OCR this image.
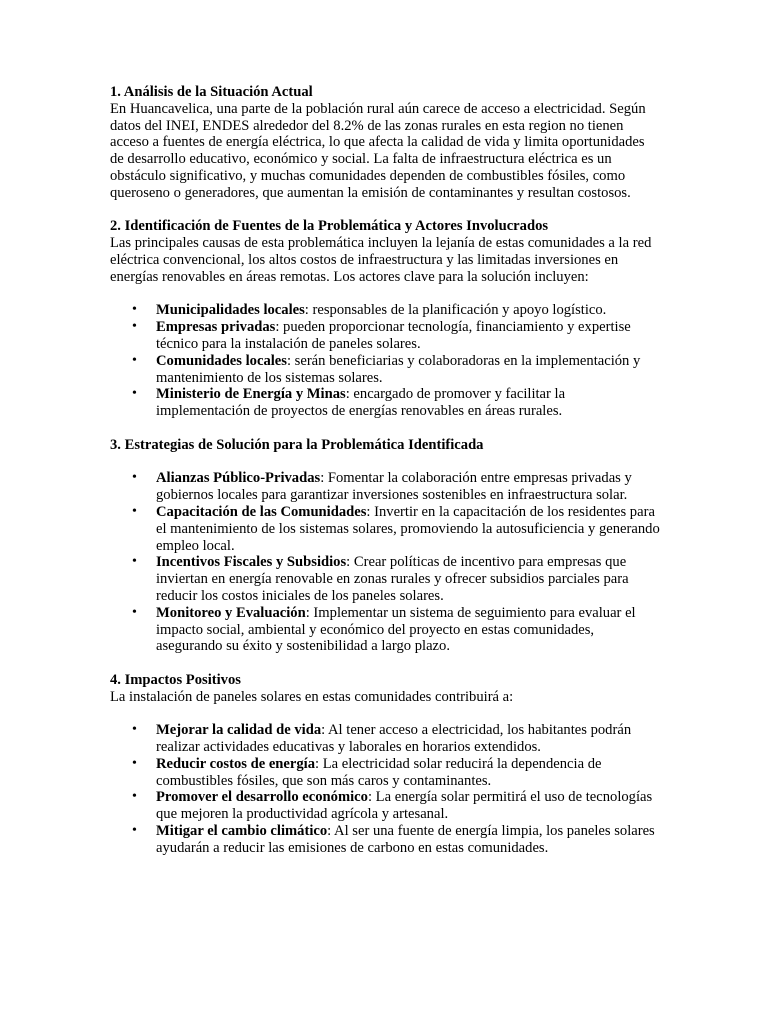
1. Análisis de la Situación Actual

En Huancavelica, una parte de la población rural aún carece de acceso a electricidad. Según datos del INEI, ENDES alrededor del 8.2% de las zonas rurales en esta region no tienen acceso a fuentes de energía eléctrica, lo que afecta la calidad de vida y limita oportunidades de desarrollo educativo, económico y social. La falta de infraestructura eléctrica es un obstáculo significativo, y muchas comunidades dependen de combustibles fósiles, como queroseno o generadores, que aumentan la emisión de contaminantes y resultan costosos.

2. Identificación de Fuentes de la Problemática y Actores Involucrados

Las principales causas de esta problemática incluyen la lejanía de estas comunidades a la red eléctrica convencional, los altos costos de infraestructura y las limitadas inversiones en energías renovables en áreas remotas. Los actores clave para la solución incluyen:

• Municipalidades locales: responsables de la planificación y apoyo logístico.
• Empresas privadas: pueden proporcionar tecnología, financiamiento y expertise técnico para la instalación de paneles solares.
• Comunidades locales: serán beneficiarias y colaboradoras en la implementación y mantenimiento de los sistemas solares.
• Ministerio de Energía y Minas: encargado de promover y facilitar la implementación de proyectos de energías renovables en áreas rurales.

3. Estrategias de Solución para la Problemática Identificada

• Alianzas Público-Privadas: Fomentar la colaboración entre empresas privadas y gobiernos locales para garantizar inversiones sostenibles en infraestructura solar.
• Capacitación de las Comunidades: Invertir en la capacitación de los residentes para el mantenimiento de los sistemas solares, promoviendo la autosuficiencia y generando empleo local.
• Incentivos Fiscales y Subsidios: Crear políticas de incentivo para empresas que inviertan en energía renovable en zonas rurales y ofrecer subsidios parciales para reducir los costos iniciales de los paneles solares.
• Monitoreo y Evaluación: Implementar un sistema de seguimiento para evaluar el impacto social, ambiental y económico del proyecto en estas comunidades, asegurando su éxito y sostenibilidad a largo plazo.

4. Impactos Positivos

La instalación de paneles solares en estas comunidades contribuirá a:

• Mejorar la calidad de vida: Al tener acceso a electricidad, los habitantes podrán realizar actividades educativas y laborales en horarios extendidos.
• Reducir costos de energía: La electricidad solar reducirá la dependencia de combustibles fósiles, que son más caros y contaminantes.
• Promover el desarrollo económico: La energía solar permitirá el uso de tecnologías que mejoren la productividad agrícola y artesanal.
• Mitigar el cambio climático: Al ser una fuente de energía limpia, los paneles solares ayudarán a reducir las emisiones de carbono en estas comunidades.
